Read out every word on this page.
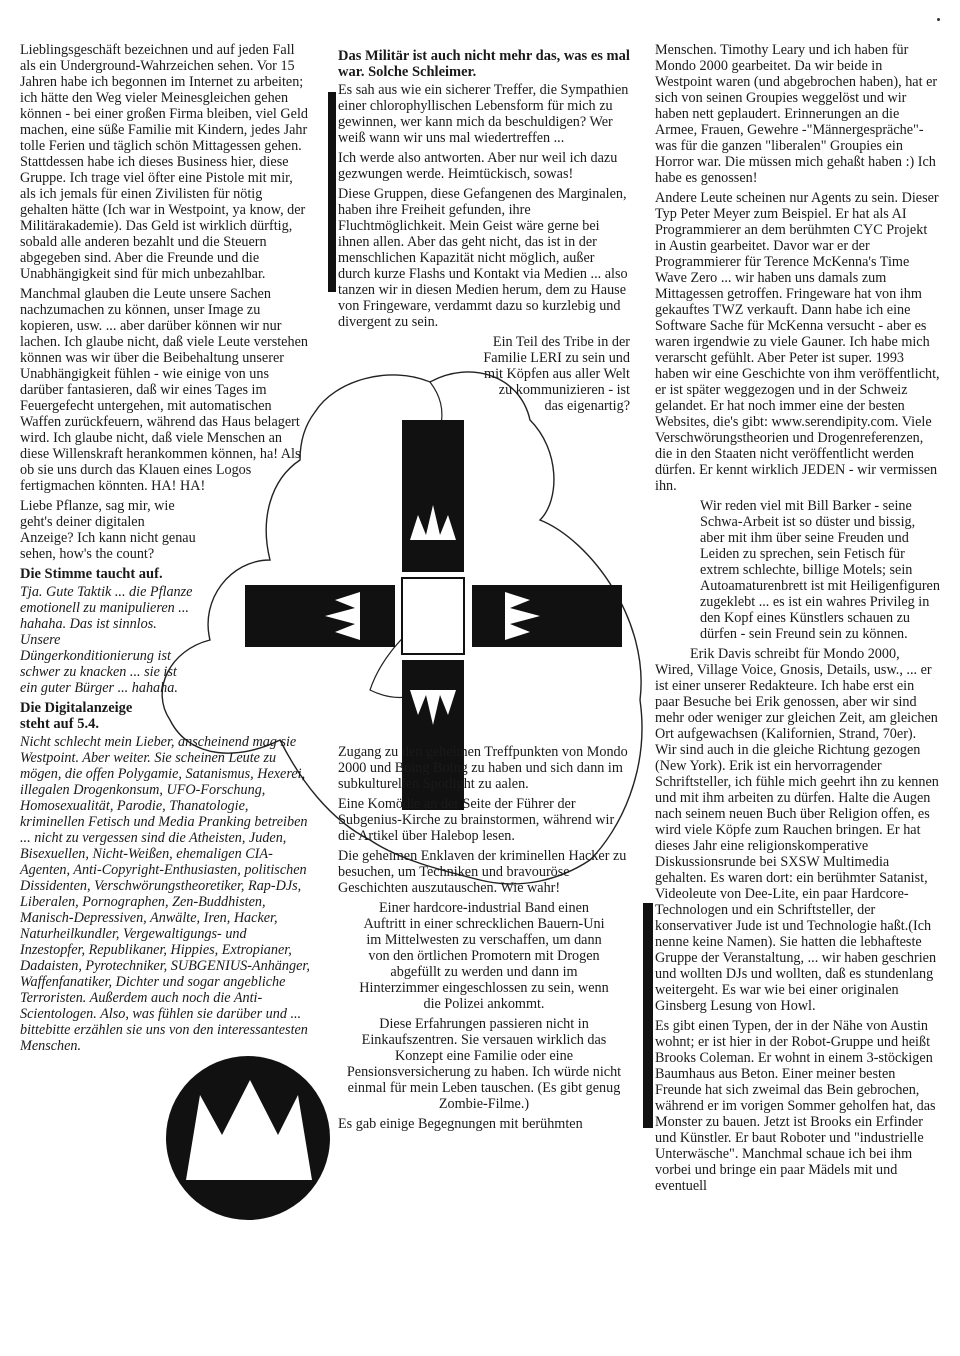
Lieblingsgeschäft bezeichnen und auf jeden Fall als ein Underground-Wahrzeichen sehen. Vor 15 Jahren habe ich begonnen im Internet zu arbeiten; ich hätte den Weg vieler Meinesgleichen gehen können - bei einer großen Firma bleiben, viel Geld machen, eine süße Familie mit Kindern, jedes Jahr tolle Ferien und täglich schön Mittagessen gehen. Stattdessen habe ich dieses Business hier, diese Gruppe. Ich trage viel öfter eine Pistole mit mir, als ich jemals für einen Zivilisten für nötig gehalten hätte (Ich war in Westpoint, ya know, der Militärakademie). Das Geld ist wirklich dürftig, sobald alle anderen bezahlt und die Steuern abgegeben sind. Aber die Freunde und die Unabhängigkeit sind für mich unbezahlbar.

Manchmal glauben die Leute unsere Sachen nachzumachen zu können, unser Image zu kopieren, usw. ... aber darüber können wir nur lachen. Ich glaube nicht, daß viele Leute verstehen können was wir über die Beibehaltung unserer Unabhängigkeit fühlen - wie einige von uns darüber fantasieren, daß wir eines Tages im Feuergefecht untergehen, mit automatischen Waffen zurückfeuern, während das Haus belagert wird. Ich glaube nicht, daß viele Menschen an diese Willenskraft herankommen können, ha! Als ob sie uns durch das Klauen eines Logos fertigmachen könnten. HA! HA!

Liebe Pflanze, sag mir, wie geht's deiner digitalen Anzeige? Ich kann nicht genau sehen, how's the count?

Die Stimme taucht auf.

Tja. Gute Taktik ... die Pflanze emotionell zu manipulieren ... hahaha. Das ist sinnlos. Unsere Düngerkonditionierung ist schwer zu knacken ... sie ist ein guter Bürger ... hahaha.

Die Digitalanzeige
steht auf 5.4.

Nicht schlecht mein Lieber, anscheinend mag sie Westpoint. Aber weiter. Sie scheinen Leute zu mögen, die offen Polygamie, Satanismus, Hexerei, illegalen Drogenkonsum, UFO-Forschung, Homosexualität, Parodie, Thanatologie, kriminellen Fetisch und Media Pranking betreiben ... nicht zu vergessen sind die Atheisten, Juden, Bisexuellen, Nicht-Weißen, ehemaligen CIA-Agenten, Anti-Copyright-Enthusiasten, politischen Dissidenten, Verschwörungstheoretiker, Rap-DJs, Liberalen, Pornographen, Zen-Buddhisten, Manisch-Depressiven, Anwälte, Iren, Hacker, Naturheilkundler, Vergewaltigungs- und Inzestopfer, Republikaner, Hippies, Extropianer, Dadaisten, Pyrotechniker, SUBGENIUS-Anhänger, Waffenfanatiker, Dichter und sogar angebliche Terroristen. Außerdem auch noch die Anti-Scientologen. Also, was fühlen sie darüber und ... bittebitte erzählen sie uns von den interessantesten Menschen.

Das Militär ist auch nicht mehr das, was es mal war. Solche Schleimer.

Es sah aus wie ein sicherer Treffer, die Sympathien einer chlorophyllischen Lebensform für mich zu gewinnen, wer kann mich da beschuldigen? Wer weiß wann wir uns mal wiedertreffen ...

Ich werde also antworten. Aber nur weil ich dazu gezwungen werde. Heimtückisch, sowas!

Diese Gruppen, diese Gefangenen des Marginalen, haben ihre Freiheit gefunden, ihre Fluchtmöglichkeit. Mein Geist wäre gerne bei ihnen allen. Aber das geht nicht, das ist in der menschlichen Kapazität nicht möglich, außer durch kurze Flashs und Kontakt via Medien ... also tanzen wir in diesen Medien herum, dem zu Hause von Fringeware, verdammt dazu so kurzlebig und divergent zu sein.

Ein Teil des Tribe in der Familie LERI zu sein und mit Köpfen aus aller Welt zu kommunizieren - ist das eigenartig?

Zugang zu den geheimen Treffpunkten von Mondo 2000 und Boing Boing zu haben und sich dann im subkulturellen Spotlight zu aalen.

Eine Komödie an der Seite der Führer der Subgenius-Kirche zu brainstormen, während wir die Artikel über Halebop lesen.

Die geheimen Enklaven der kriminellen Hacker zu besuchen, um Techniken und bravouröse Geschichten auszutauschen. Wie wahr!

Einer hardcore-industrial Band einen Auftritt in einer schrecklichen Bauern-Uni im Mittelwesten zu verschaffen, um dann von den örtlichen Promotern mit Drogen abgefüllt zu werden und dann im Hinterzimmer eingeschlossen zu sein, wenn die Polizei ankommt.

Diese Erfahrungen passieren nicht in Einkaufszentren. Sie versauen wirklich das Konzept eine Familie oder eine Pensionsversicherung zu haben. Ich würde nicht einmal für mein Leben tauschen. (Es gibt genug Zombie-Filme.)

Es gab einige Begegnungen mit berühmten

Menschen. Timothy Leary und ich haben für Mondo 2000 gearbeitet. Da wir beide in Westpoint waren (und abgebrochen haben), hat er sich von seinen Groupies weggelöst und wir haben nett geplaudert. Erinnerungen an die Armee, Frauen, Gewehre -"Männergespräche"- was für die ganzen "liberalen" Groupies ein Horror war. Die müssen mich gehaßt haben :) Ich habe es genossen!

Andere Leute scheinen nur Agents zu sein. Dieser Typ Peter Meyer zum Beispiel. Er hat als AI Programmierer an dem berühmten CYC Projekt in Austin gearbeitet. Davor war er der Programmierer für Terence McKenna's Time Wave Zero ... wir haben uns damals zum Mittagessen getroffen. Fringeware hat von ihm gekauftes TWZ verkauft. Dann habe ich eine Software Sache für McKenna versucht - aber es waren irgendwie zu viele Gauner. Ich habe mich verarscht gefühlt. Aber Peter ist super. 1993 haben wir eine Geschichte von ihm veröffentlicht, er ist später weggezogen und in der Schweiz gelandet. Er hat noch immer eine der besten Websites, die's gibt: www.serendipity.com. Viele Verschwörungstheorien und Drogenreferenzen, die in den Staaten nicht veröffentlicht werden dürfen. Er kennt wirklich JEDEN - wir vermissen ihn.

Wir reden viel mit Bill Barker - seine Schwa-Arbeit ist so düster und bissig, aber mit ihm über seine Freuden und Leiden zu sprechen, sein Fetisch für extrem schlechte, billige Motels; sein Autoamaturenbrett ist mit Heiligenfiguren zugeklebt ... es ist ein wahres Privileg in den Kopf eines Künstlers schauen zu dürfen - sein Freund sein zu können.

Erik Davis schreibt für Mondo 2000, Wired, Village Voice, Gnosis, Details, usw., ... er ist einer unserer Redakteure. Ich habe erst ein paar Besuche bei Erik genossen, aber wir sind mehr oder weniger zur gleichen Zeit, am gleichen Ort aufgewachsen (Kalifornien, Strand, 70er). Wir sind auch in die gleiche Richtung gezogen (New York). Erik ist ein hervorragender Schriftsteller, ich fühle mich geehrt ihn zu kennen und mit ihm arbeiten zu dürfen. Halte die Augen nach seinem neuen Buch über Religion offen, es wird viele Köpfe zum Rauchen bringen. Er hat dieses Jahr eine religionskomperative Diskussionsrunde bei SXSW Multimedia gehalten. Es waren dort: ein berühmter Satanist, Videoleute von Dee-Lite, ein paar Hardcore-Technologen und ein Schriftsteller, der konservativer Jude ist und Technologie haßt.(Ich nenne keine Namen). Sie hatten die lebhafteste Gruppe der Veranstaltung, ... wir haben geschrien und wollten DJs und wollten, daß es stundenlang weitergeht. Es war wie bei einer originalen Ginsberg Lesung von Howl.

Es gibt einen Typen, der in der Nähe von Austin wohnt; er ist hier in der Robot-Gruppe und heißt Brooks Coleman. Er wohnt in einem 3-stöckigen Baumhaus aus Beton. Einer meiner besten Freunde hat sich zweimal das Bein gebrochen, während er im vorigen Sommer geholfen hat, das Monster zu bauen. Jetzt ist Brooks ein Erfinder und Künstler. Er baut Roboter und "industrielle Unterwäsche". Manchmal schaue ich bei ihm vorbei und bringe ein paar Mädels mit und eventuell
